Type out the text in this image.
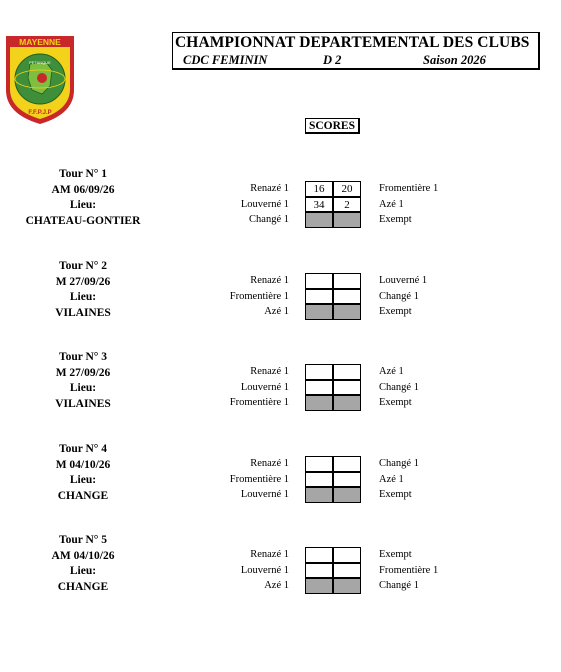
MAYENNE
PETANQUE
F.F.P.J.P
CHAMPIONNAT DEPARTEMENTAL DES CLUBS
CDC FEMININ	D 2	Saison 2026
SCORES
Tour N° 1
AM 06/09/26
Lieu:
CHATEAU-GONTIER
Renazé 1	16	20	Fromentière 1
Louverné 1	34	2	Azé 1
Changé 1	Exempt
Tour N° 2
M 27/09/26
Lieu:
VILAINES
Renazé 1	Louverné 1
Fromentière 1	Changé 1
Azé 1	Exempt
Tour N° 3
M 27/09/26
Lieu:
VILAINES
Renazé 1	Azé 1
Louverné 1	Changé 1
Fromentière 1	Exempt
Tour N° 4
M 04/10/26
Lieu:
CHANGE
Renazé 1	Changé 1
Fromentière 1	Azé 1
Louverné 1	Exempt
Tour N° 5
AM 04/10/26
Lieu:
CHANGE
Renazé 1	Exempt
Louverné 1	Fromentière 1
Azé 1	Changé 1
